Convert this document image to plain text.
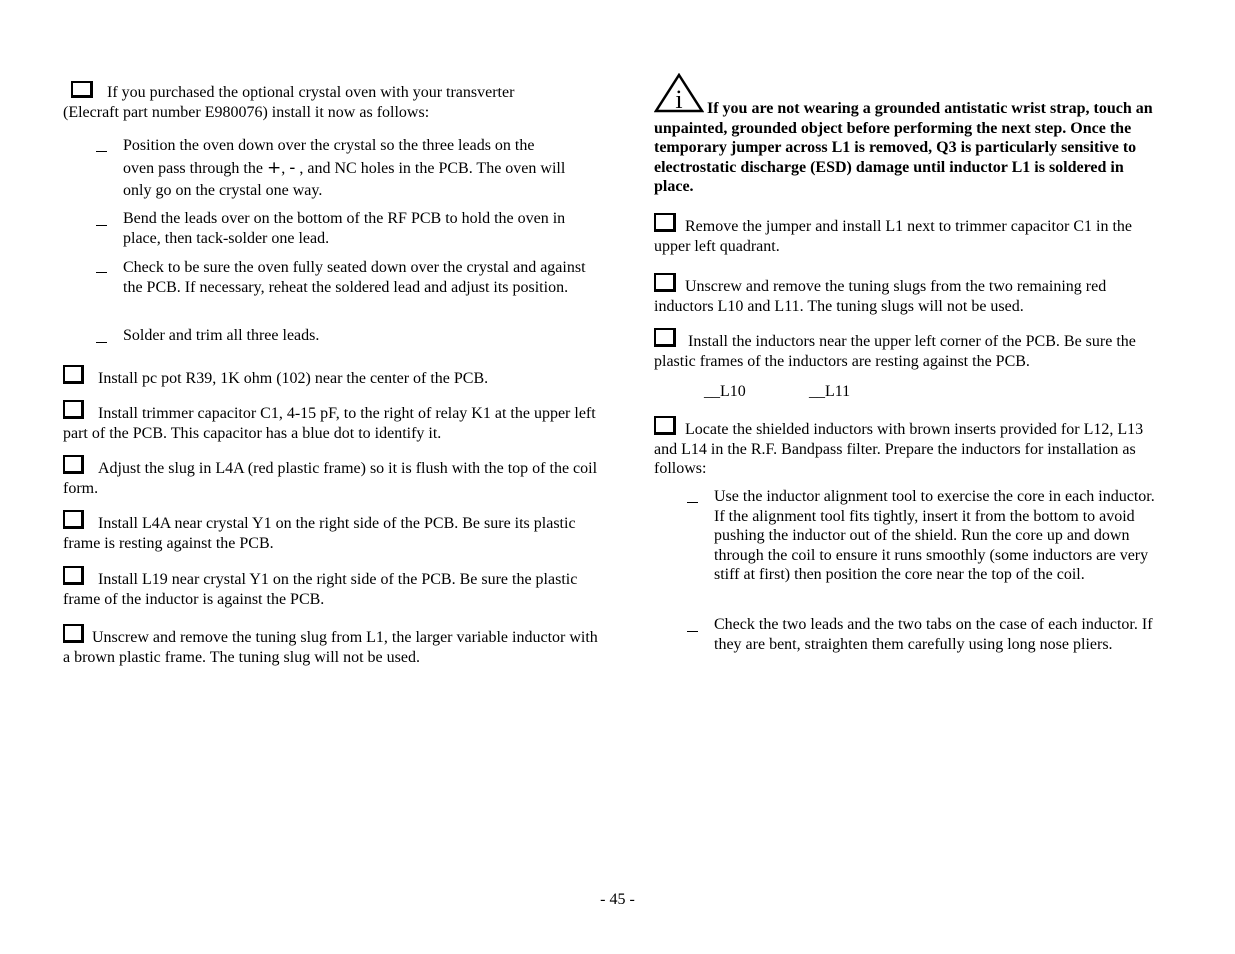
If you purchased the optional crystal oven with your transverter
(Elecraft part number E980076) install it now as follows:
Position the oven down over the crystal so the three leads on the
oven pass through the +, - , and NC holes in the PCB. The oven will
only go on the crystal one way.
Bend the leads over on the bottom of the RF PCB to hold the oven in place, then tack-solder one lead.
Check to be sure the oven fully seated down over the crystal and against the PCB. If necessary, reheat the soldered lead and adjust its position.
Solder and trim all three leads.
Install pc pot R39, 1K ohm (102) near the center of the PCB.
Install trimmer capacitor C1, 4-15 pF, to the right of relay K1 at the upper left part of the PCB. This capacitor has a blue dot to identify it.
Adjust the slug in L4A (red plastic frame) so it is flush with the top of the coil form.
Install L4A near crystal Y1 on the right side of the PCB. Be sure its plastic frame is resting against the PCB.
Install L19 near crystal Y1 on the right side of the PCB. Be sure the plastic frame of the inductor is against the PCB.
Unscrew and remove the tuning slug from L1, the larger variable inductor with a brown plastic frame. The tuning slug will not be used.
i	If you are not wearing a grounded antistatic wrist strap, touch an unpainted, grounded object before performing the next step. Once the temporary jumper across L1 is removed, Q3 is particularly sensitive to electrostatic discharge (ESD) damage until inductor L1 is soldered in place.
Remove the jumper and install L1 next to trimmer capacitor C1 in the upper left quadrant.
Unscrew and remove the tuning slugs from the two remaining red inductors L10 and L11. The tuning slugs will not be used.
Install the inductors near the upper left corner of the PCB. Be sure the plastic frames of the inductors are resting against the PCB.
__L10	__L11
Locate the shielded inductors with brown inserts provided for L12, L13 and L14 in the R.F. Bandpass filter. Prepare the inductors for installation as follows:
Use the inductor alignment tool to exercise the core in each inductor. If the alignment tool fits tightly, insert it from the bottom to avoid pushing the inductor out of the shield. Run the core up and down through the coil to ensure it runs smoothly (some inductors are very stiff at first) then position the core near the top of the coil.
Check the two leads and the two tabs on the case of each inductor. If they are bent, straighten them carefully using long nose pliers.
- 45 -
